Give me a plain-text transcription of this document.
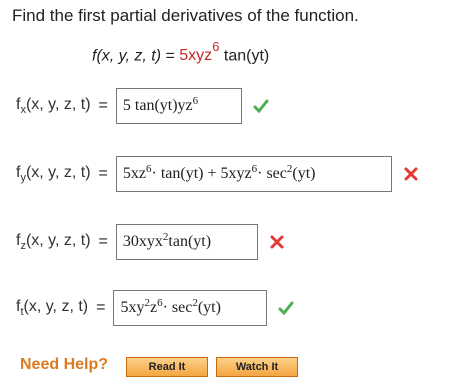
Find the first partial derivatives of the function.
f(x, y, z, t) = 5xyz$^6$ tan(yt)
$f_x(x$, y, z, t) = 5 $\tan(yt)yz^6$
$f_y(x$, y, z, $t) = 5xz^6 \cdot \tan(yt) + 5xyz^6 \cdot \sec^2 (yt)$
$f_z(x$, y, z, t) = 30xyx$^2$ tan(yt)
$f_t(x$, y, z, $t) = 5xy^2$ $z^6 \cdot \sec^2 (yt)$
Need Help?	Read It	Watch It
